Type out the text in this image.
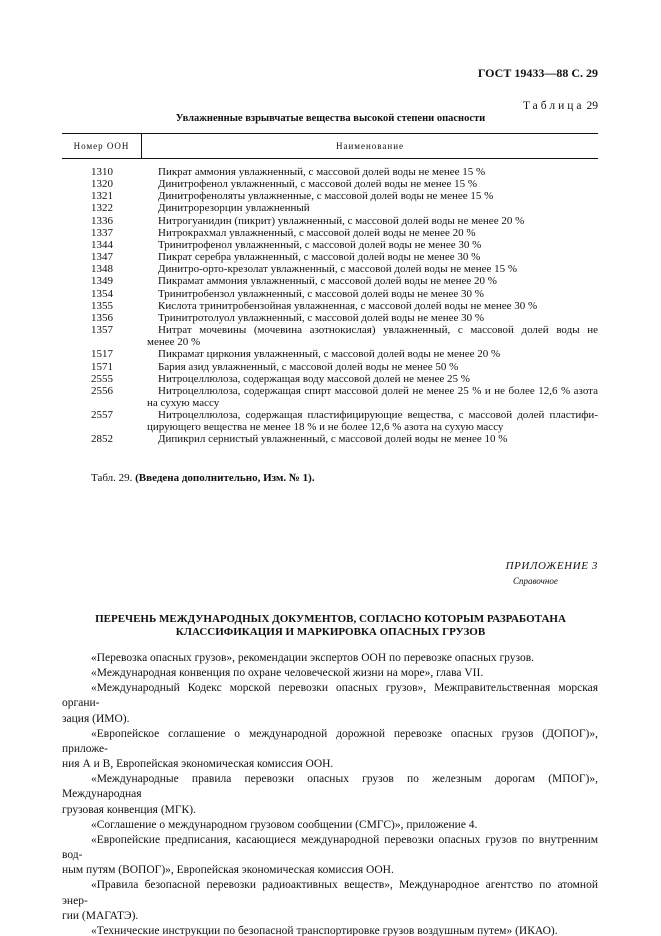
ГОСТ 19433—88 С. 29
Таблица 29
Увлажненные взрывчатые вещества высокой степени опасности
Номер ООН	Наименование
1310	Пикрат аммония увлажненный, с массовой долей воды не менее 15 %
1320	Динитрофенол увлажненный, с массовой долей воды не менее 15 %
1321	Динитрофеноляты увлажненные, с массовой долей воды не менее 15 %
1322	Динитрорезорцин увлажненный
1336	Нитрогуанидин (пикрит) увлажненный, с массовой долей воды не менее 20 %
1337	Нитрокрахмал увлажненный, с массовой долей воды не менее 20 %
1344	Тринитрофенол увлажненный, с массовой долей воды не менее 30 %
1347	Пикрат серебра увлажненный, с массовой долей воды не менее 30 %
1348	Динитро-орто-крезолат увлажненный, с массовой долей воды не менее 15 %
1349	Пикрамат аммония увлажненный, с массовой долей воды не менее 20 %
1354	Тринитробензол увлажненный, с массовой долей воды не менее 30 %
1355	Кислота тринитробензойная увлажненная, с массовой долей воды не менее 30 %
1356	Тринитротолуол увлажненный, с массовой долей воды не менее 30 %
1357	Нитрат мочевины (мочевина азотнокислая) увлажненный, с массовой долей воды не
менее 20 %
1517	Пикрамат циркония увлажненный, с массовой долей воды не менее 20 %
1571	Бария азид увлажненный, с массовой долей воды не менее 50 %
2555	Нитроцеллюлоза, содержащая воду массовой долей не менее 25 %
2556	Нитроцеллюлоза, содержащая спирт массовой долей не менее 25 % и не более 12,6 % азота
на сухую массу
2557	Нитроцеллюлоза, содержащая пластифицирующие вещества, с массовой долей пластифи-
цирующего вещества не менее 18 % и не более 12,6 % азота на сухую массу
2852	Дипикрил сернистый увлажненный, с массовой долей воды не менее 10 %
Табл. 29. (Введена дополнительно, Изм. № 1).
ПРИЛОЖЕНИЕ 3
Справочное
ПЕРЕЧЕНЬ МЕЖДУНАРОДНЫХ ДОКУМЕНТОВ, СОГЛАСНО КОТОРЫМ РАЗРАБОТАНА
КЛАССИФИКАЦИЯ И МАРКИРОВКА ОПАСНЫХ ГРУЗОВ
«Перевозка опасных грузов», рекомендации экспертов ООН по перевозке опасных грузов.
«Международная конвенция по охране человеческой жизни на море», глава VII.
«Международный Кодекс морской перевозки опасных грузов», Межправительственная морская органи-
зация (ИМО).
«Европейское соглашение о международной дорожной перевозке опасных грузов (ДОПОГ)», приложе-
ния А и В, Европейская экономическая комиссия ООН.
«Международные правила перевозки опасных грузов по железным дорогам (МПОГ)», Международная
грузовая конвенция (МГК).
«Соглашение о международном грузовом сообщении (СМГС)», приложение 4.
«Европейские предписания, касающиеся международной перевозки опасных грузов по внутренним вод-
ным путям (ВОПОГ)», Европейская экономическая комиссия ООН.
«Правила безопасной перевозки радиоактивных веществ», Международное агентство по атомной энер-
гии (МАГАТЭ).
«Технические инструкции по безопасной транспортировке грузов воздушным путем» (ИКАО).
